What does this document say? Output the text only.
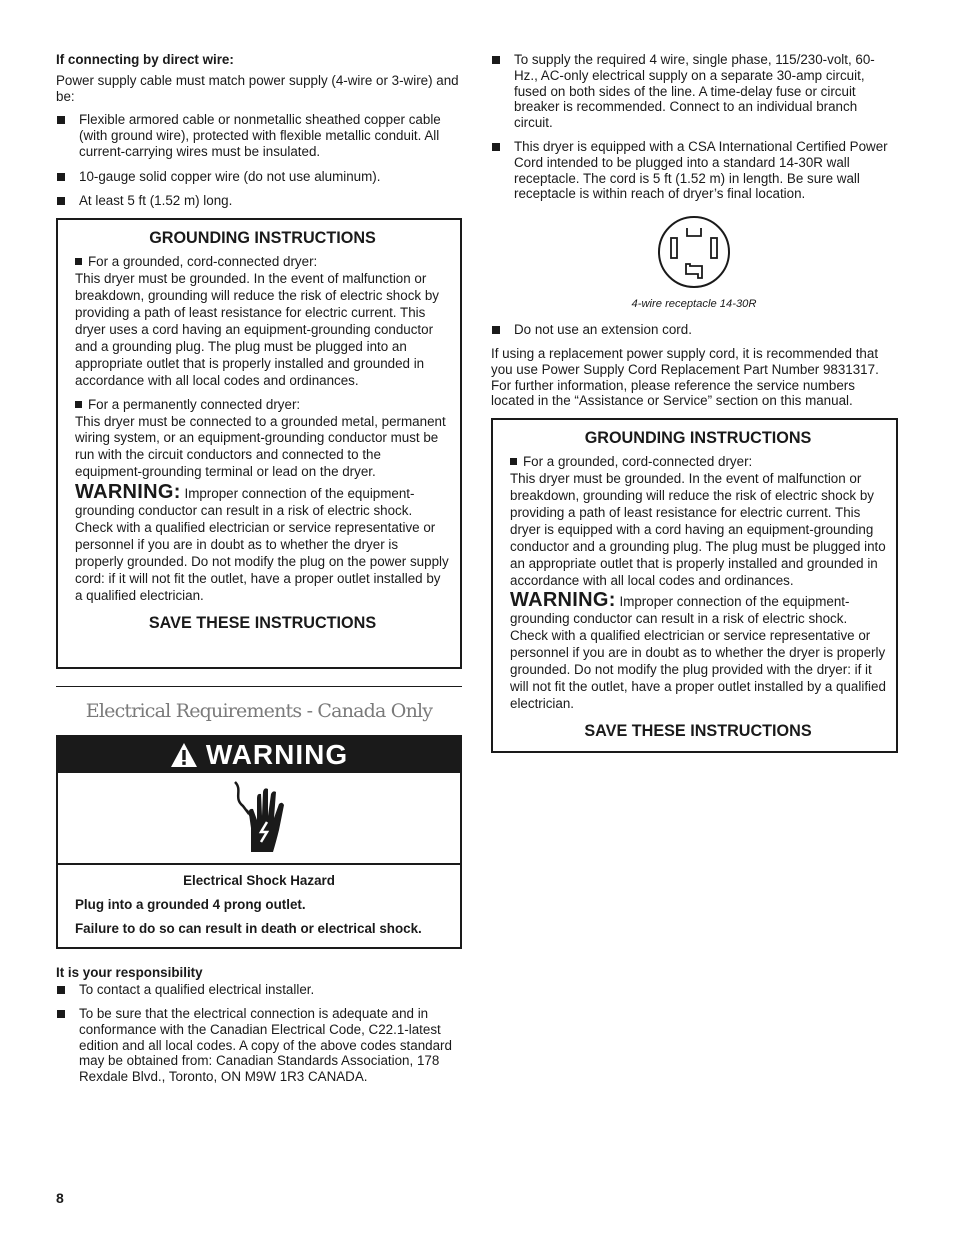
If connecting by direct wire:

Power supply cable must match power supply (4-wire or 3-wire) and be:

Flexible armored cable or nonmetallic sheathed copper cable (with ground wire), protected with flexible metallic conduit. All current-carrying wires must be insulated.
10-gauge solid copper wire (do not use aluminum).
At least 5 ft (1.52 m) long.
GROUNDING INSTRUCTIONS
For a grounded, cord-connected dryer:

This dryer must be grounded. In the event of malfunction or breakdown, grounding will reduce the risk of electric shock by providing a path of least resistance for electric current. This dryer uses a cord having an equipment-grounding conductor and a grounding plug. The plug must be plugged into an appropriate outlet that is properly installed and grounded in accordance with all local codes and ordinances.

For a permanently connected dryer:

This dryer must be connected to a grounded metal, permanent wiring system, or an equipment-grounding conductor must be run with the circuit conductors and connected to the equipment-grounding terminal or lead on the dryer.

WARNING: Improper connection of the equipment-grounding conductor can result in a risk of electric shock. Check with a qualified electrician or service representative or personnel if you are in doubt as to whether the dryer is properly grounded. Do not modify the plug on the power supply cord: if it will not fit the outlet, have a proper outlet installed by a qualified electrician.

SAVE THESE INSTRUCTIONS
Electrical Requirements - Canada Only
WARNING

Electrical Shock Hazard

Plug into a grounded 4 prong outlet.

Failure to do so can result in death or electrical shock.

It is your responsibility

To contact a qualified electrical installer.
To be sure that the electrical connection is adequate and in conformance with the Canadian Electrical Code, C22.1-latest edition and all local codes. A copy of the above codes standard may be obtained from: Canadian Standards Association, 178 Rexdale Blvd., Toronto, ON M9W 1R3 CANADA.
To supply the required 4 wire, single phase, 115/230-volt, 60-Hz., AC-only electrical supply on a separate 30-amp circuit, fused on both sides of the line. A time-delay fuse or circuit breaker is recommended. Connect to an individual branch circuit.
This dryer is equipped with a CSA International Certified Power Cord intended to be plugged into a standard 14-30R wall receptacle. The cord is 5 ft (1.52 m) in length. Be sure wall receptacle is within reach of dryer’s final location.
4-wire receptacle 14-30R
Do not use an extension cord.

If using a replacement power supply cord, it is recommended that you use Power Supply Cord Replacement Part Number 9831317. For further information, please reference the service numbers located in the “Assistance or Service” section on this manual.

GROUNDING INSTRUCTIONS
For a grounded, cord-connected dryer:

This dryer must be grounded. In the event of malfunction or breakdown, grounding will reduce the risk of electric shock by providing a path of least resistance for electric current. This dryer is equipped with a cord having an equipment-grounding conductor and a grounding plug. The plug must be plugged into an appropriate outlet that is properly installed and grounded in accordance with all local codes and ordinances.

WARNING: Improper connection of the equipment-grounding conductor can result in a risk of electric shock. Check with a qualified electrician or service representative or personnel if you are in doubt as to whether the dryer is properly grounded. Do not modify the plug provided with the dryer: if it will not fit the outlet, have a proper outlet installed by a qualified electrician.

SAVE THESE INSTRUCTIONS
8
